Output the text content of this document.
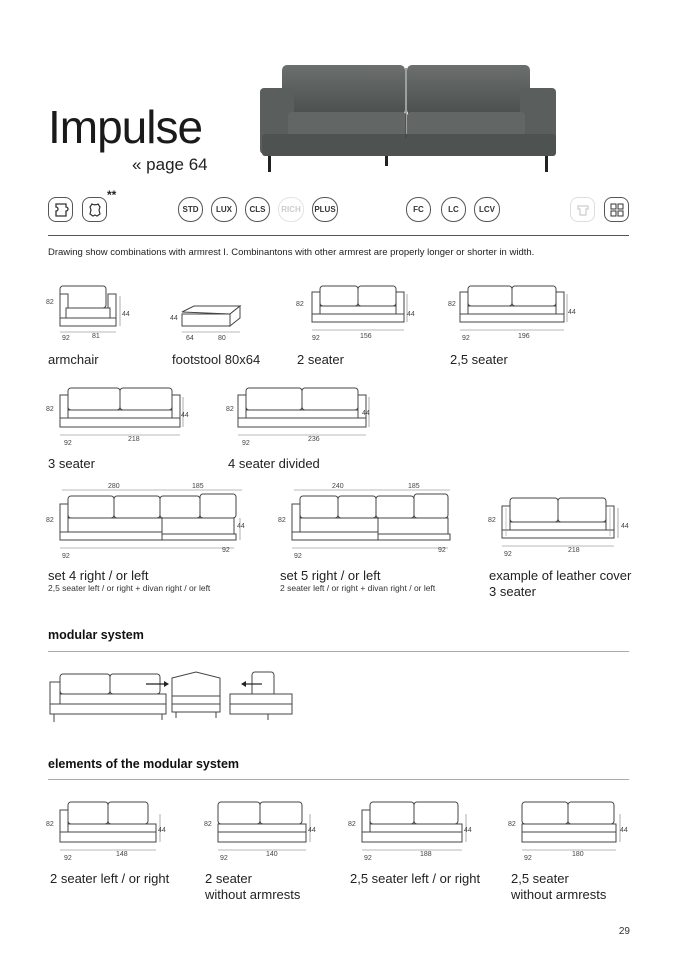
Impulse
« page 64
STD	LUX	CLS	RICH	PLUS	FC	LC	LCV
**
Drawing show combinations with armrest I. Combinantons with other armrest are properly longer or shorter in width.
82
44
92	81
armchair
44
64	80
footstool 80x64
82
44
92	156
2 seater
82
44
92	196
2,5 seater
82
44
92
218
3 seater
82
44
92
236
4 seater divided
280	185
82
44
92
92
set 4 right / or left
2,5 seater left / or right + divan right / or left
240	185
82
92
92
set 5 right / or left
2 seater left / or right + divan right / or left
82
44
92
218
example of leather cover
3 seater
modular system
elements of the modular system
82
44
92
148
2 seater left / or right
82
44
92
140
2 seater
without armrests
82
44
92
188
2,5 seater left / or right
82
44
92
180
2,5 seater
without armrests
29
